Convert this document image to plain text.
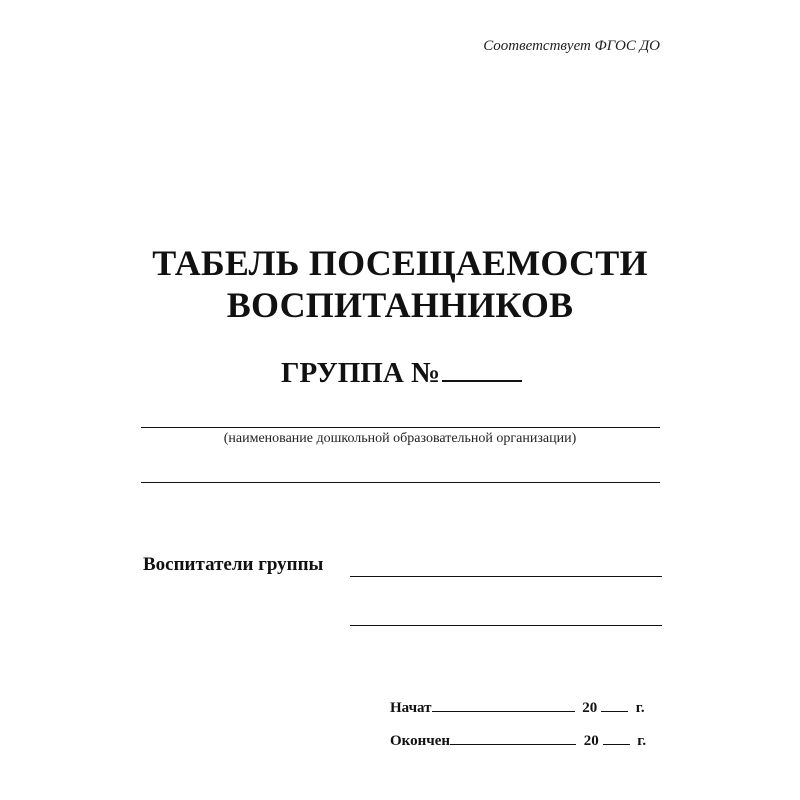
Соответствует ФГОС ДО
ТАБЕЛЬ ПОСЕЩАЕМОСТИ
ВОСПИТАННИКОВ
ГРУППА №
(наименование дошкольной образовательной организации)
Воспитатели группы
Начат	20	г.
Окончен	20	г.
